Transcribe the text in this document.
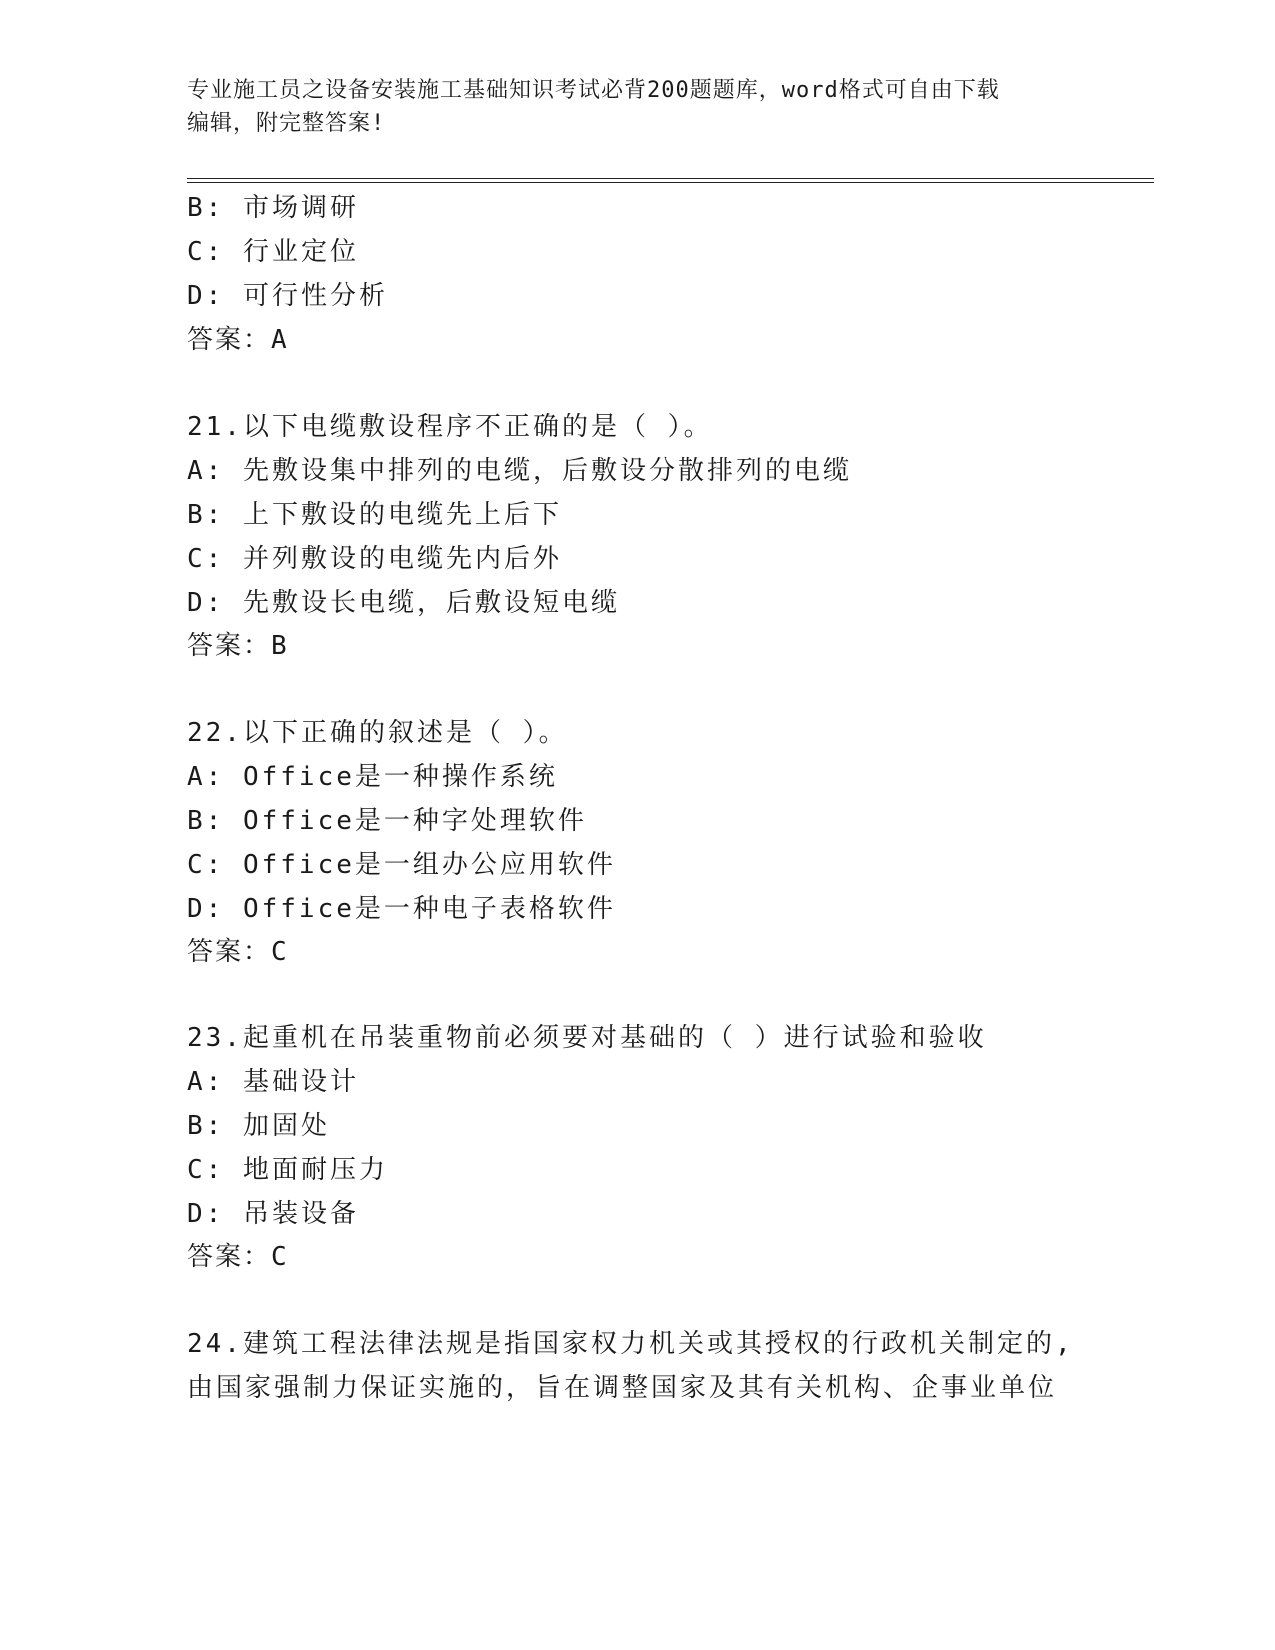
专业施工员之设备安装施工基础知识考试必背200题题库，word格式可自由下载
编辑，附完整答案!
B: 市场调研
C: 行业定位
D: 可行性分析
答案：A
21.以下电缆敷设程序不正确的是（ ）。
A: 先敷设集中排列的电缆，后敷设分散排列的电缆
B: 上下敷设的电缆先上后下
C: 并列敷设的电缆先内后外
D: 先敷设长电缆，后敷设短电缆
答案：B
22.以下正确的叙述是（ ）。
A: Office是一种操作系统
B: Office是一种字处理软件
C: Office是一组办公应用软件
D: Office是一种电子表格软件
答案：C
23.起重机在吊装重物前必须要对基础的（ ）进行试验和验收
A: 基础设计
B: 加固处
C: 地面耐压力
D: 吊装设备
答案：C
24.建筑工程法律法规是指国家权力机关或其授权的行政机关制定的,
由国家强制力保证实施的，旨在调整国家及其有关机构、企事业单位
